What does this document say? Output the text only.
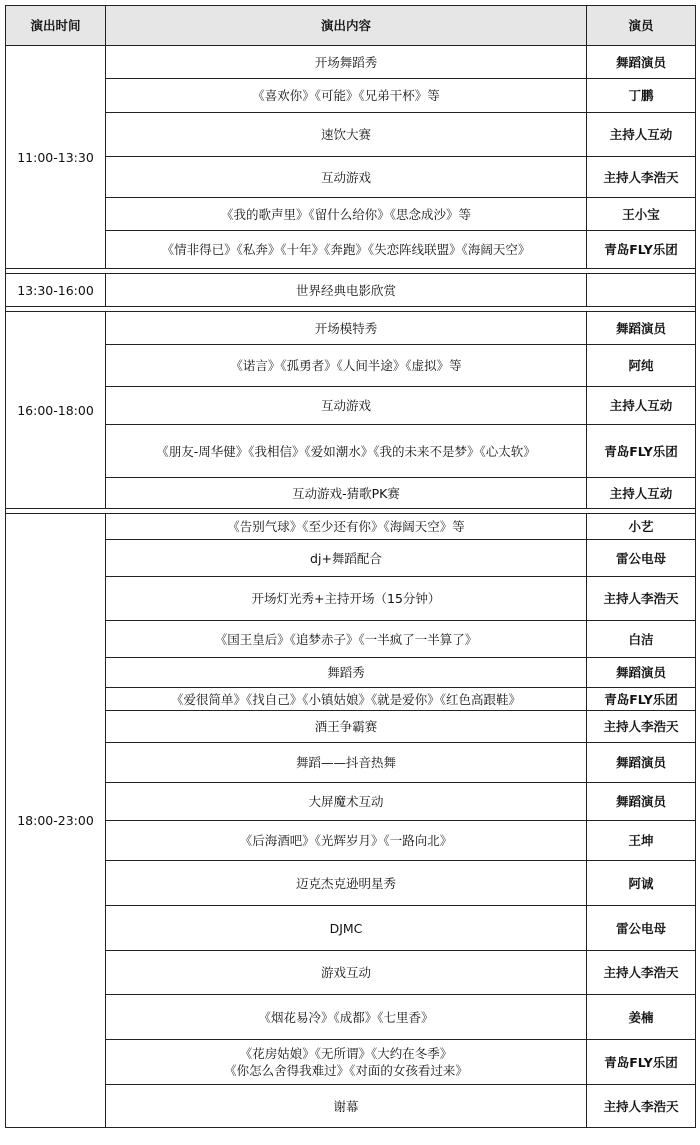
演出时间	演出内容	演员
11:00-13:30	开场舞蹈秀	舞蹈演员

	《喜欢你》《可能》《兄弟干杯》等	丁鹏

	速饮大赛	主持人互动

	互动游戏	主持人李浩天

	《我的歌声里》《留什么给你》《思念成沙》等	王小宝

	《情非得已》《私奔》《十年》《奔跑》《失恋阵线联盟》《海阔天空》	青岛FLY乐团

13:30-16:00	世界经典电影欣赏	

16:00-18:00	开场模特秀	舞蹈演员

	《诺言》《孤勇者》《人间半途》《虚拟》等	阿纯

	互动游戏	主持人互动

	《朋友-周华健》《我相信》《爱如潮水》《我的未来不是梦》《心太软》	青岛FLY乐团

	互动游戏-猜歌PK赛	主持人互动

18:00-23:00	《告别气球》《至少还有你》《海阔天空》等	小艺

	dj+舞蹈配合	雷公电母

	开场灯光秀+主持开场（15分钟）	主持人李浩天

	《国王皇后》《追梦赤子》《一半疯了一半算了》	白洁

	舞蹈秀	舞蹈演员

	《爱很简单》《找自己》《小镇姑娘》《就是爱你》《红色高跟鞋》	青岛FLY乐团

	酒王争霸赛	主持人李浩天

	舞蹈——抖音热舞	舞蹈演员

	大屏魔术互动	舞蹈演员

	《后海酒吧》《光辉岁月》《一路向北》	王坤

	迈克杰克逊明星秀	阿诚

	DJMC	雷公电母

	游戏互动	主持人李浩天

	《烟花易冷》《成都》《七里香》	姜楠

	《花房姑娘》《无所谓》《大约在冬季》
《你怎么舍得我难过》《对面的女孩看过来》	青岛FLY乐团

	谢幕	主持人李浩天
